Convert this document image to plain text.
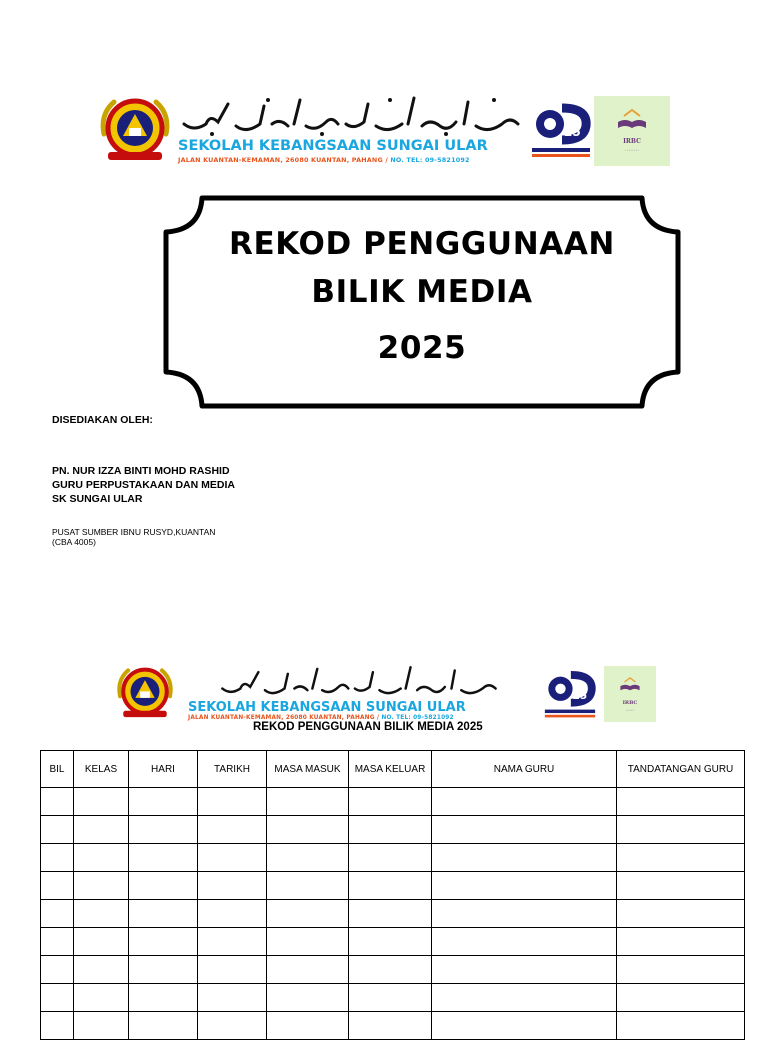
SEKOLAH KEBANGSAAN SUNGAI ULAR
JALAN KUANTAN-KEMAMAN, 26080 KUANTAN, PAHANG / NO. TEL: 09-5821092
25
IRBC
••••••••
REKOD PENGGUNAAN
BILIK MEDIA
2025
DISEDIAKAN OLEH:
PN. NUR IZZA BINTI MOHD RASHID
GURU PERPUSTAKAAN DAN MEDIA
SK SUNGAI ULAR
PUSAT SUMBER IBNU RUSYD,KUANTAN
(CBA 4005)
SEKOLAH KEBANGSAAN SUNGAI ULAR
JALAN KUANTAN-KEMAMAN, 26080 KUANTAN, PAHANG / NO. TEL: 09-5821092
25
IRBC
•••••
REKOD PENGGUNAAN BILIK MEDIA 2025
BIL	KELAS	HARI	TARIKH	MASA MASUK	MASA KELUAR	NAMA GURU	TANDATANGAN GURU
